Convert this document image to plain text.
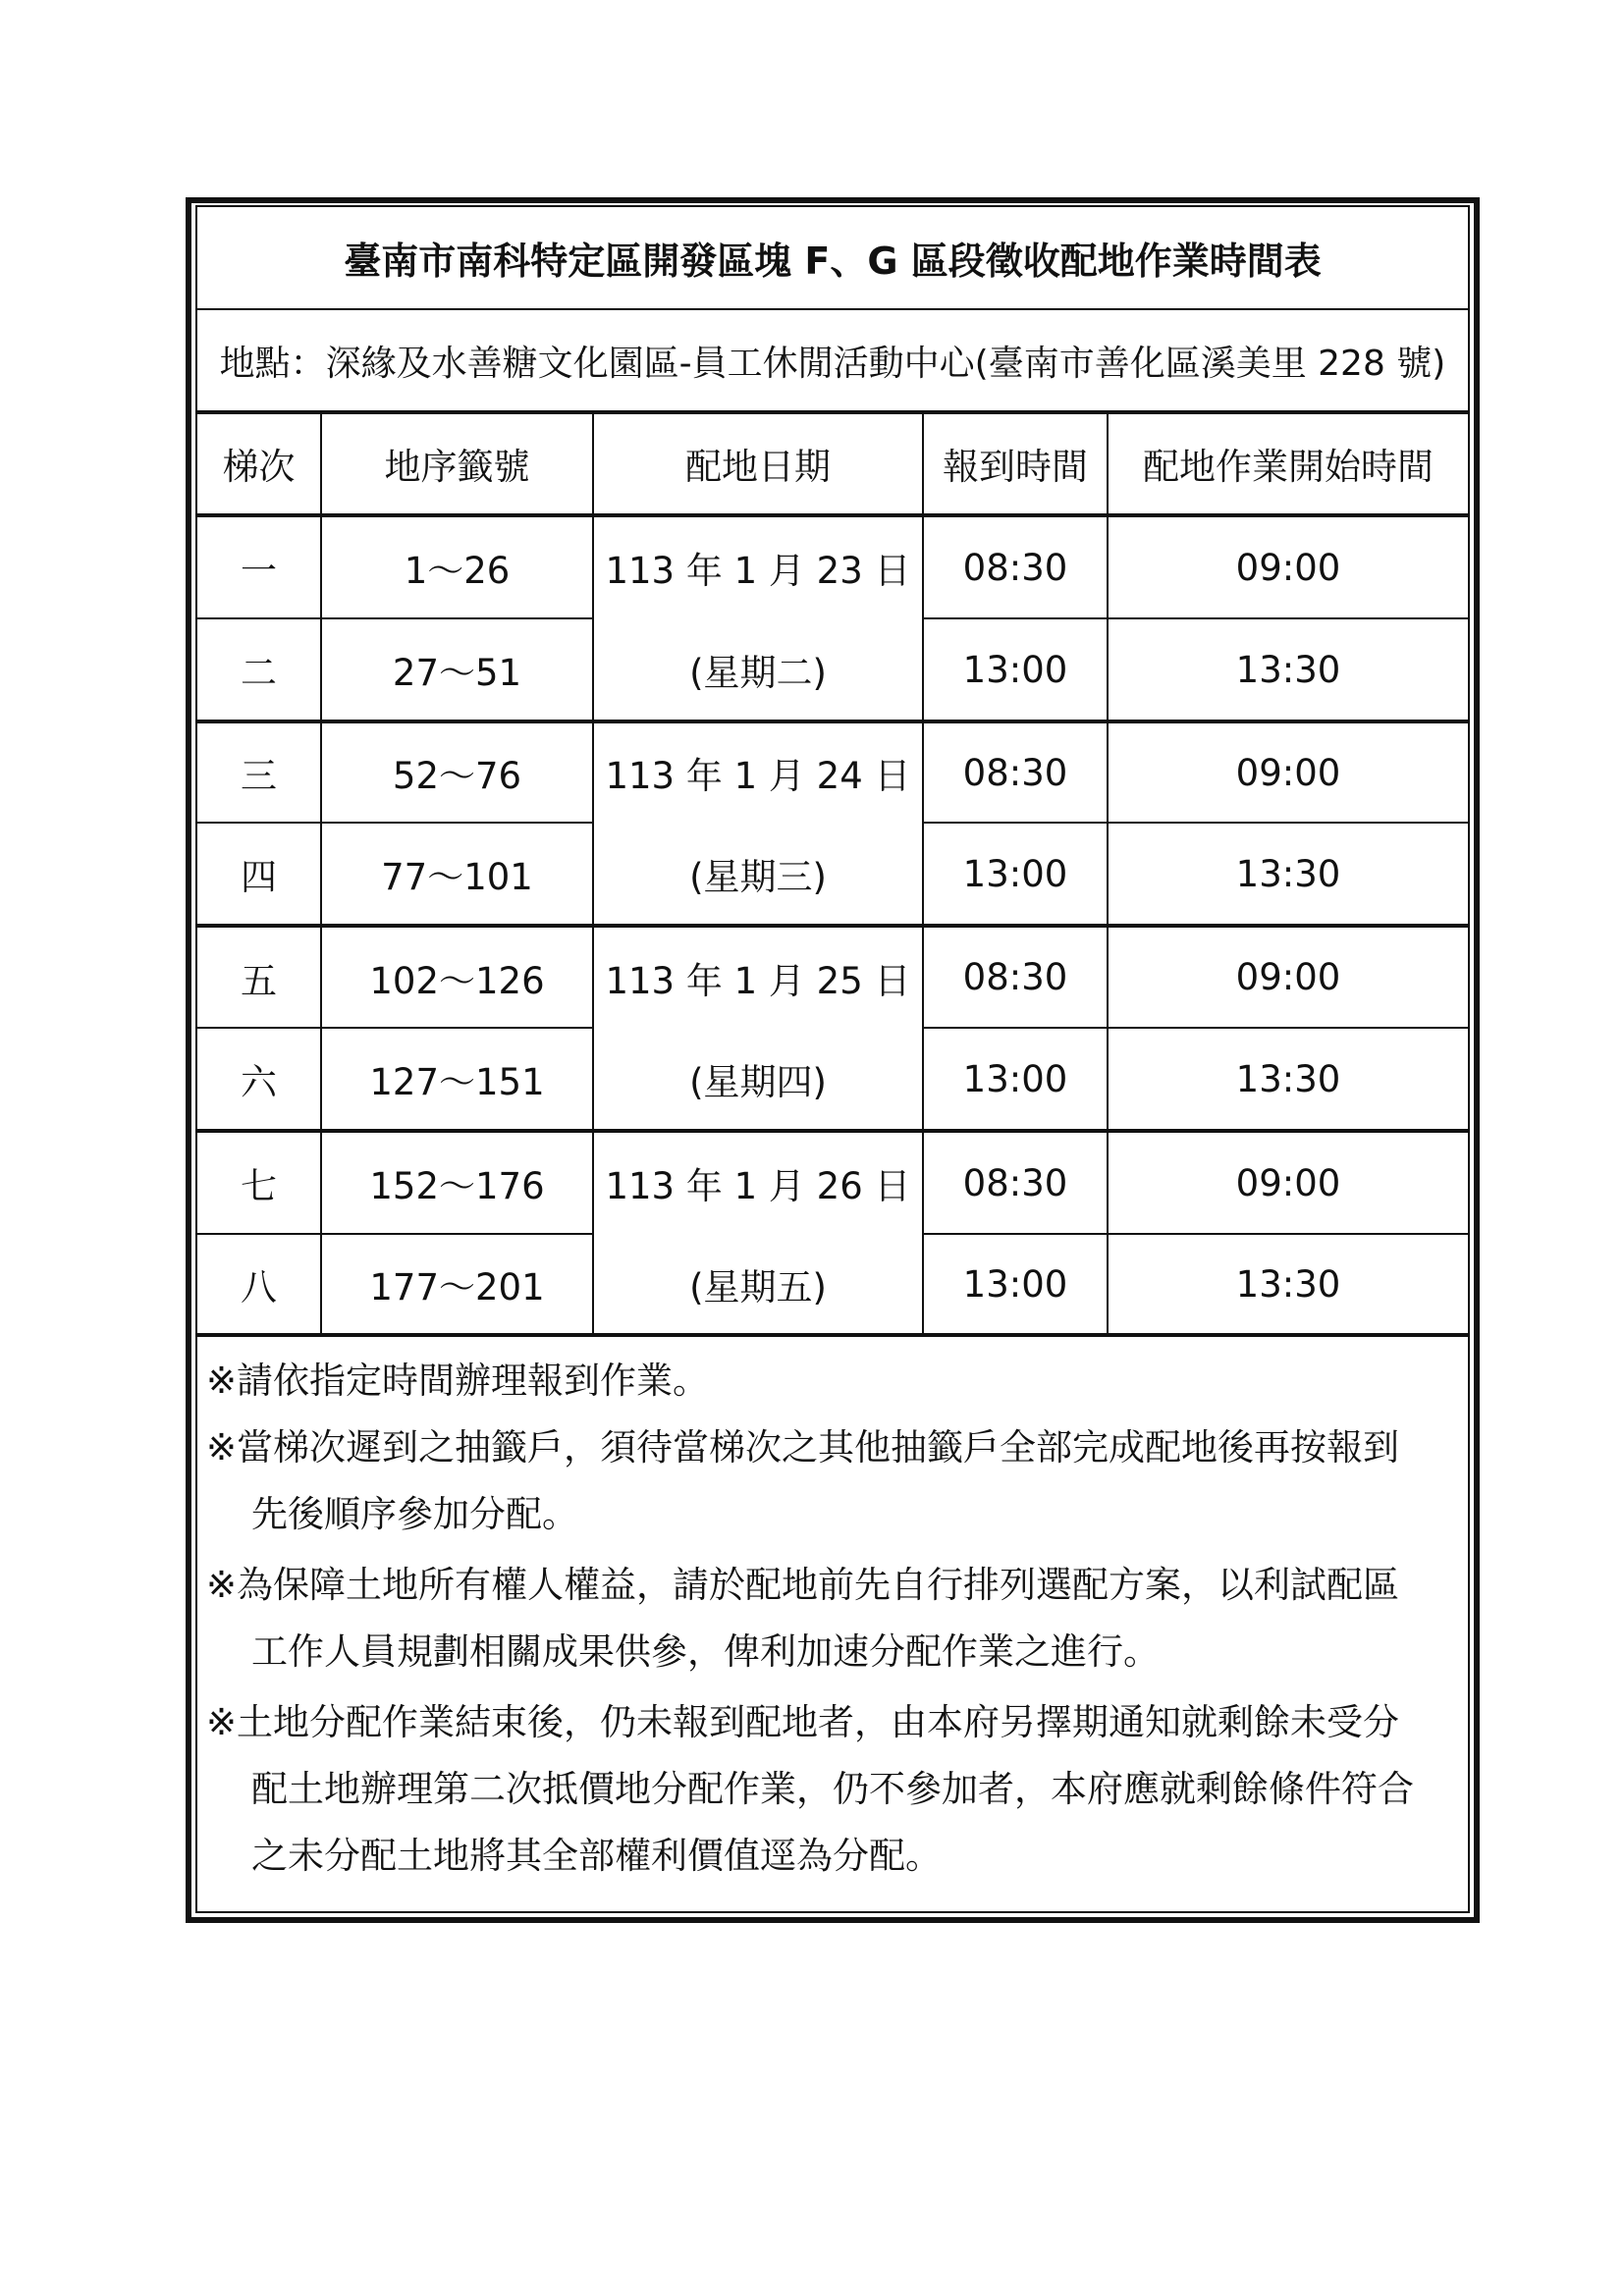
臺南市南科特定區開發區塊 F、G 區段徵收配地作業時間表
地點：深緣及水善糖文化園區-員工休閒活動中心(臺南市善化區溪美里 228 號)
梯次	地序籤號	配地日期	報到時間	配地作業開始時間
一	1～26	113 年 1 月 23 日	08:30	09:00
二	27～51	(星期二)	13:00	13:30
三	52～76	113 年 1 月 24 日	08:30	09:00
四	77～101	(星期三)	13:00	13:30
五	102～126	113 年 1 月 25 日	08:30	09:00
六	127～151	(星期四)	13:00	13:30
七	152～176	113 年 1 月 26 日	08:30	09:00
八	177～201	(星期五)	13:00	13:30
※請依指定時間辦理報到作業。
※當梯次遲到之抽籤戶，須待當梯次之其他抽籤戶全部完成配地後再按報到
先後順序參加分配。
※為保障土地所有權人權益，請於配地前先自行排列選配方案，以利試配區
工作人員規劃相關成果供參，俾利加速分配作業之進行。
※土地分配作業結束後，仍未報到配地者，由本府另擇期通知就剩餘未受分
配土地辦理第二次抵價地分配作業，仍不參加者，本府應就剩餘條件符合
之未分配土地將其全部權利價值逕為分配。
